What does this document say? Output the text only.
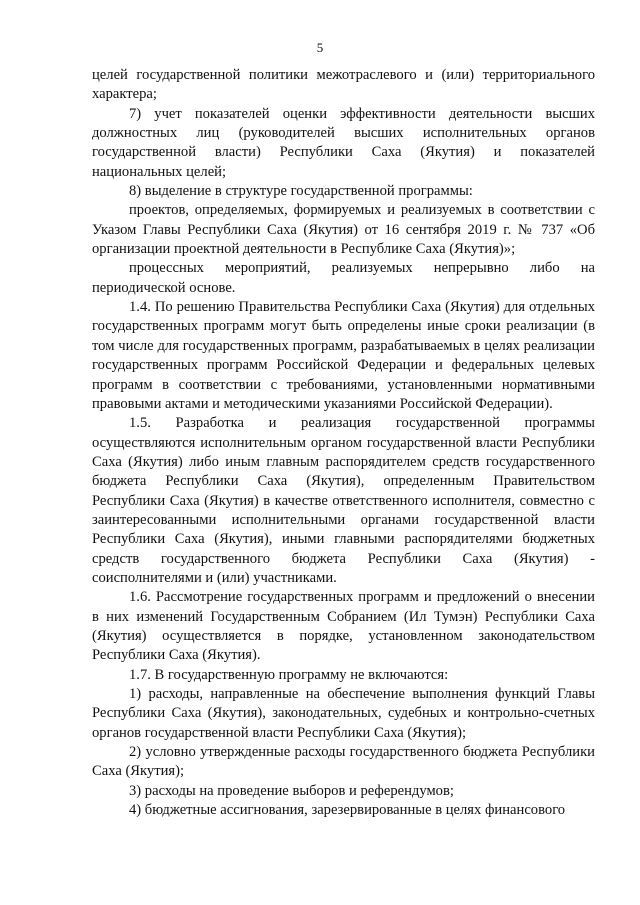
5

целей государственной политики межотраслевого и (или) территориального характера;

7) учет показателей оценки эффективности деятельности высших должностных лиц (руководителей высших исполнительных органов государственной власти) Республики Саха (Якутия) и показателей национальных целей;

8) выделение в структуре государственной программы:

проектов, определяемых, формируемых и реализуемых в соответствии с Указом Главы Республики Саха (Якутия) от 16 сентября 2019 г. № 737 «Об организации проектной деятельности в Республике Саха (Якутия)»;

процессных мероприятий, реализуемых непрерывно либо на периодической основе.

1.4. По решению Правительства Республики Саха (Якутия) для отдельных государственных программ могут быть определены иные сроки реализации (в том числе для государственных программ, разрабатываемых в целях реализации государственных программ Российской Федерации и федеральных целевых программ в соответствии с требованиями, установленными нормативными правовыми актами и методическими указаниями Российской Федерации).

1.5. Разработка и реализация государственной программы осуществляются исполнительным органом государственной власти Республики Саха (Якутия) либо иным главным распорядителем средств государственного бюджета Республики Саха (Якутия), определенным Правительством Республики Саха (Якутия) в качестве ответственного исполнителя, совместно с заинтересованными исполнительными органами государственной власти Республики Саха (Якутия), иными главными распорядителями бюджетных средств государственного бюджета Республики Саха (Якутия) - соисполнителями и (или) участниками.

1.6. Рассмотрение государственных программ и предложений о внесении в них изменений Государственным Собранием (Ил Тумэн) Республики Саха (Якутия) осуществляется в порядке, установленном законодательством Республики Саха (Якутия).

1.7. В государственную программу не включаются:

1) расходы, направленные на обеспечение выполнения функций Главы Республики Саха (Якутия), законодательных, судебных и контрольно-счетных органов государственной власти Республики Саха (Якутия);

2) условно утвержденные расходы государственного бюджета Республики Саха (Якутия);

3) расходы на проведение выборов и референдумов;

4) бюджетные ассигнования, зарезервированные в целях финансового
